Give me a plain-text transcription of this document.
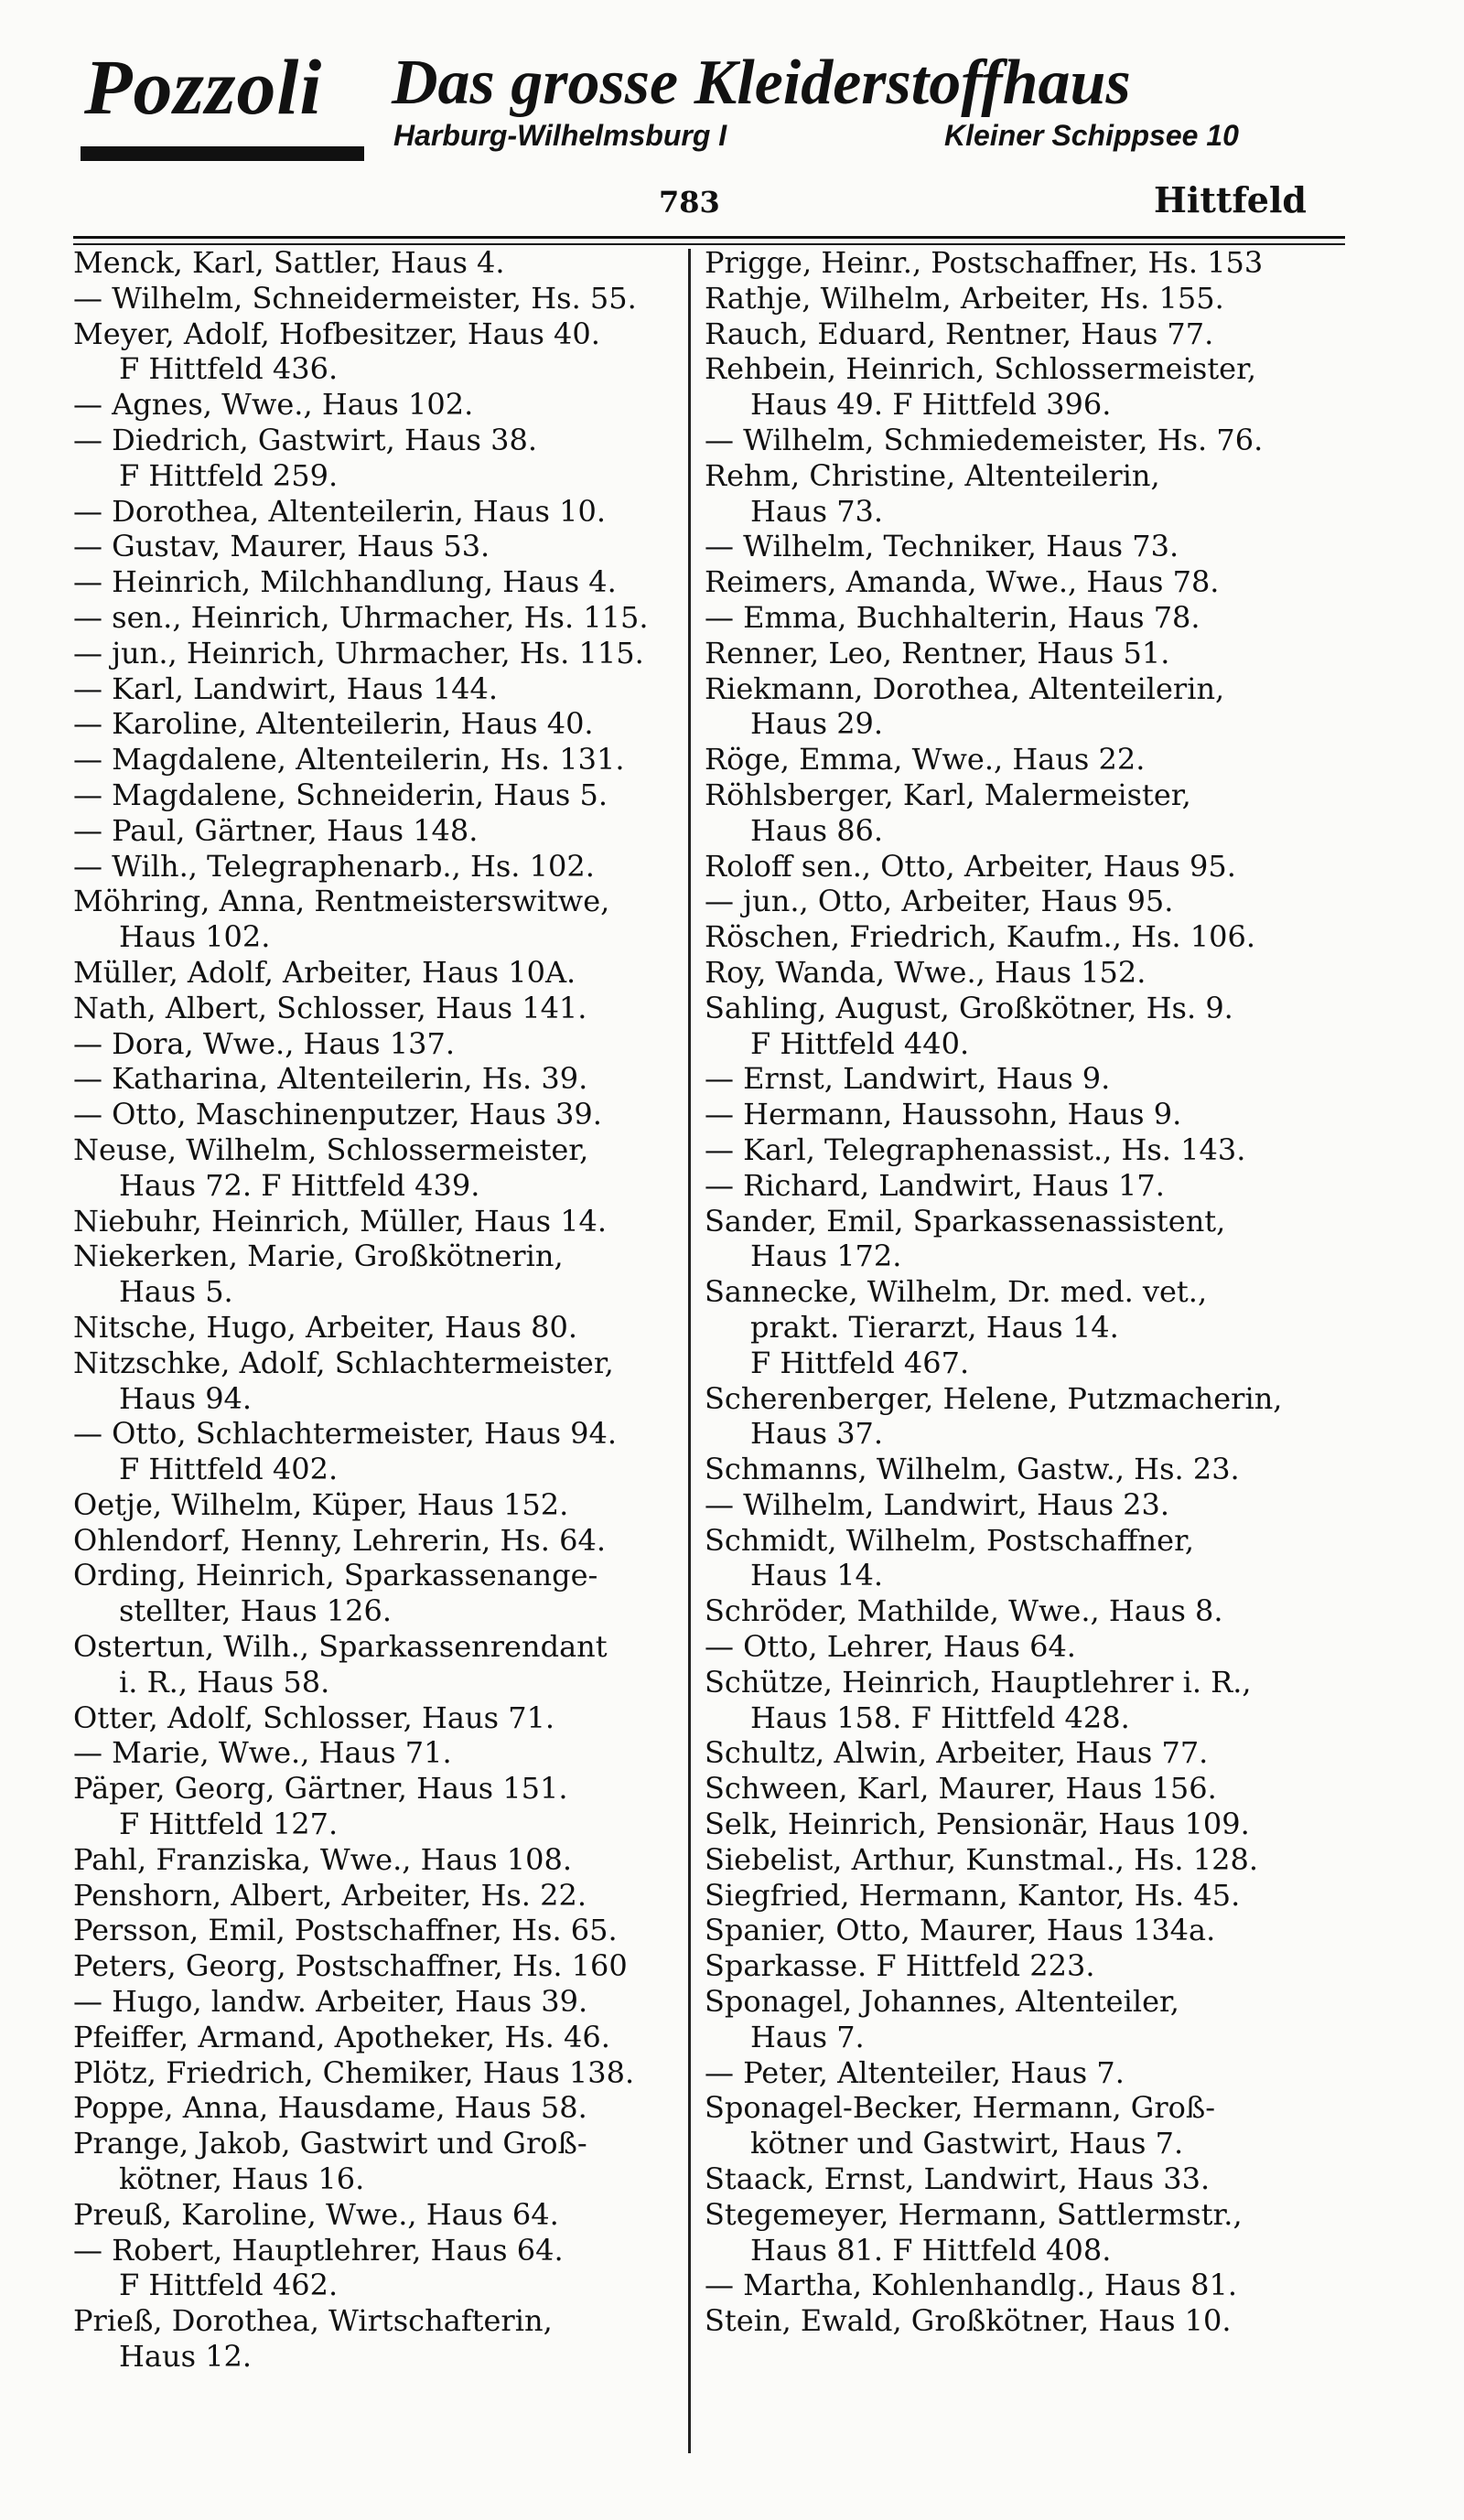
Pozzoli Das grosse Kleiderstoffhaus
Harburg-Wilhelmsburg I	Kleiner Schippsee 10
783	Hittfeld
Menck, Karl, Sattler, Haus 4.
— Wilhelm, Schneidermeister, Hs. 55.
Meyer, Adolf, Hofbesitzer, Haus 40.
F Hittfeld 436.
— Agnes, Wwe., Haus 102.
— Diedrich, Gastwirt, Haus 38.
F Hittfeld 259.
— Dorothea, Altenteilerin, Haus 10.
— Gustav, Maurer, Haus 53.
— Heinrich, Milchhandlung, Haus 4.
— sen., Heinrich, Uhrmacher, Hs. 115.
— jun., Heinrich, Uhrmacher, Hs. 115.
— Karl, Landwirt, Haus 144.
— Karoline, Altenteilerin, Haus 40.
— Magdalene, Altenteilerin, Hs. 131.
— Magdalene, Schneiderin, Haus 5.
— Paul, Gärtner, Haus 148.
— Wilh., Telegraphenarb., Hs. 102.
Möhring, Anna, Rentmeisterswitwe,
Haus 102.
Müller, Adolf, Arbeiter, Haus 10A.
Nath, Albert, Schlosser, Haus 141.
— Dora, Wwe., Haus 137.
— Katharina, Altenteilerin, Hs. 39.
— Otto, Maschinenputzer, Haus 39.
Neuse, Wilhelm, Schlossermeister,
Haus 72. F Hittfeld 439.
Niebuhr, Heinrich, Müller, Haus 14.
Niekerken, Marie, Großkötnerin,
Haus 5.
Nitsche, Hugo, Arbeiter, Haus 80.
Nitzschke, Adolf, Schlachtermeister,
Haus 94.
— Otto, Schlachtermeister, Haus 94.
F Hittfeld 402.
Oetje, Wilhelm, Küper, Haus 152.
Ohlendorf, Henny, Lehrerin, Hs. 64.
Ording, Heinrich, Sparkassenange-
stellter, Haus 126.
Ostertun, Wilh., Sparkassenrendant
i. R., Haus 58.
Otter, Adolf, Schlosser, Haus 71.
— Marie, Wwe., Haus 71.
Päper, Georg, Gärtner, Haus 151.
F Hittfeld 127.
Pahl, Franziska, Wwe., Haus 108.
Penshorn, Albert, Arbeiter, Hs. 22.
Persson, Emil, Postschaffner, Hs. 65.
Peters, Georg, Postschaffner, Hs. 160
— Hugo, landw. Arbeiter, Haus 39.
Pfeiffer, Armand, Apotheker, Hs. 46.
Plötz, Friedrich, Chemiker, Haus 138.
Poppe, Anna, Hausdame, Haus 58.
Prange, Jakob, Gastwirt und Groß-
kötner, Haus 16.
Preuß, Karoline, Wwe., Haus 64.
— Robert, Hauptlehrer, Haus 64.
F Hittfeld 462.
Prieß, Dorothea, Wirtschafterin,
Haus 12.
Prigge, Heinr., Postschaffner, Hs. 153
Rathje, Wilhelm, Arbeiter, Hs. 155.
Rauch, Eduard, Rentner, Haus 77.
Rehbein, Heinrich, Schlossermeister,
Haus 49. F Hittfeld 396.
— Wilhelm, Schmiedemeister, Hs. 76.
Rehm, Christine, Altenteilerin,
Haus 73.
— Wilhelm, Techniker, Haus 73.
Reimers, Amanda, Wwe., Haus 78.
— Emma, Buchhalterin, Haus 78.
Renner, Leo, Rentner, Haus 51.
Riekmann, Dorothea, Altenteilerin,
Haus 29.
Röge, Emma, Wwe., Haus 22.
Röhlsberger, Karl, Malermeister,
Haus 86.
Roloff sen., Otto, Arbeiter, Haus 95.
— jun., Otto, Arbeiter, Haus 95.
Röschen, Friedrich, Kaufm., Hs. 106.
Roy, Wanda, Wwe., Haus 152.
Sahling, August, Großkötner, Hs. 9.
F Hittfeld 440.
— Ernst, Landwirt, Haus 9.
— Hermann, Haussohn, Haus 9.
— Karl, Telegraphenassist., Hs. 143.
— Richard, Landwirt, Haus 17.
Sander, Emil, Sparkassenassistent,
Haus 172.
Sannecke, Wilhelm, Dr. med. vet.,
prakt. Tierarzt, Haus 14.
F Hittfeld 467.
Scherenberger, Helene, Putzmacherin,
Haus 37.
Schmanns, Wilhelm, Gastw., Hs. 23.
— Wilhelm, Landwirt, Haus 23.
Schmidt, Wilhelm, Postschaffner,
Haus 14.
Schröder, Mathilde, Wwe., Haus 8.
— Otto, Lehrer, Haus 64.
Schütze, Heinrich, Hauptlehrer i. R.,
Haus 158. F Hittfeld 428.
Schultz, Alwin, Arbeiter, Haus 77.
Schween, Karl, Maurer, Haus 156.
Selk, Heinrich, Pensionär, Haus 109.
Siebelist, Arthur, Kunstmal., Hs. 128.
Siegfried, Hermann, Kantor, Hs. 45.
Spanier, Otto, Maurer, Haus 134a.
Sparkasse. F Hittfeld 223.
Sponagel, Johannes, Altenteiler,
Haus 7.
— Peter, Altenteiler, Haus 7.
Sponagel-Becker, Hermann, Groß-
kötner und Gastwirt, Haus 7.
Staack, Ernst, Landwirt, Haus 33.
Stegemeyer, Hermann, Sattlermstr.,
Haus 81. F Hittfeld 408.
— Martha, Kohlenhandlg., Haus 81.
Stein, Ewald, Großkötner, Haus 10.
